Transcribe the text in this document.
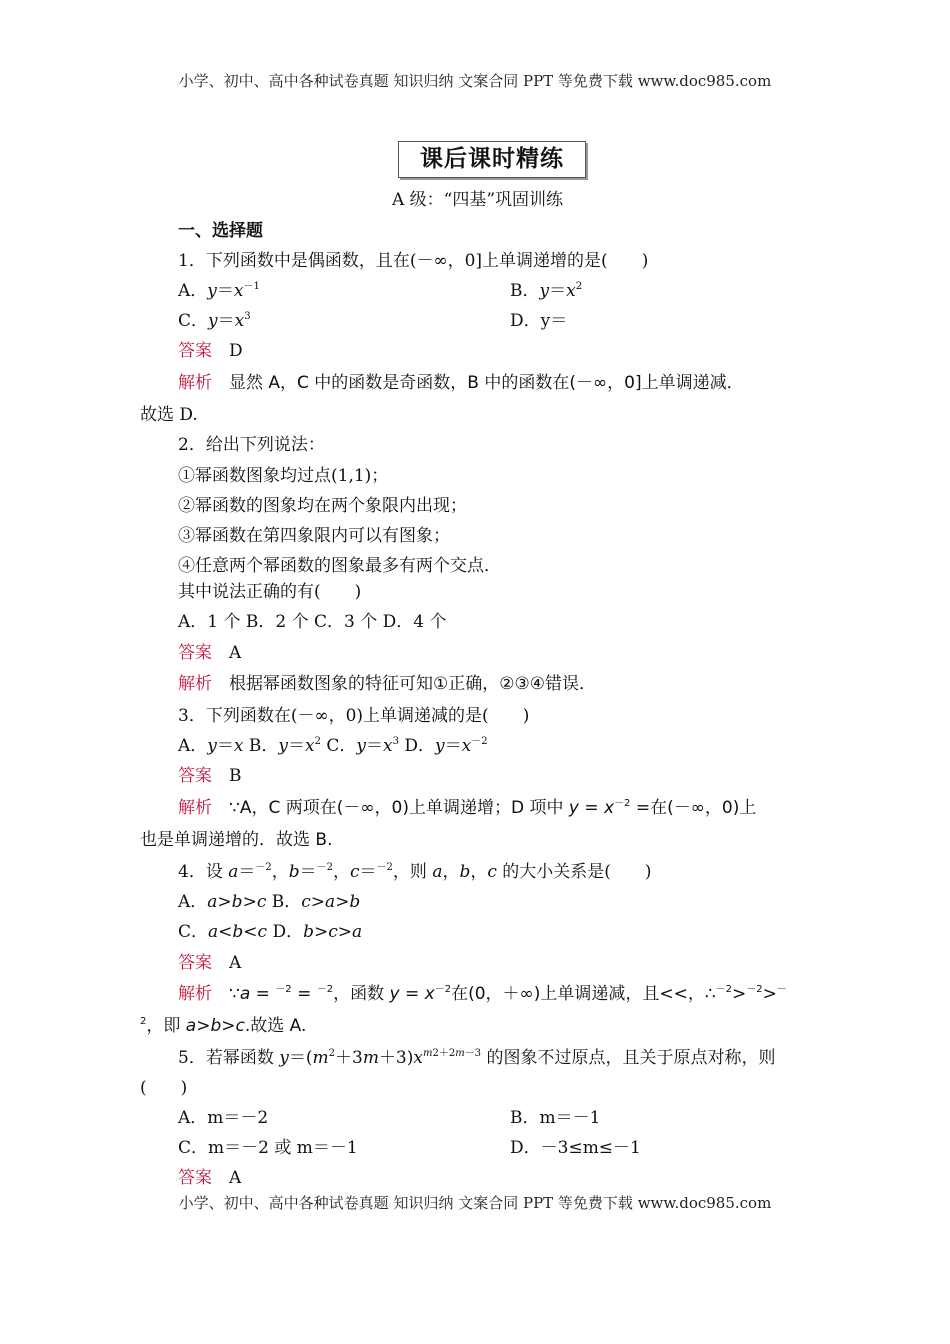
小学、初中、高中各种试卷真题 知识归纳 文案合同 PPT 等免费下载 www.doc985.com
课后课时精练
A 级：“四基”巩固训练
一、选择题
1．下列函数中是偶函数，且在(－∞，0]上单调递增的是(　　)
A．$y=x^{-1}$	B．$y=x^2$
C．$y=x^3$	D．y＝
答案　 D
解析　 显然 A，C 中的函数是奇函数，B 中的函数在(－∞，0]上单调递减．
故选 D.
2．给出下列说法：
①幂函数图象均过点(1,1)；
②幂函数的图象均在两个象限内出现；
③幂函数在第四象限内可以有图象；
④任意两个幂函数的图象最多有两个交点．
其中说法正确的有(　　)
A．1 个 B．2 个 C．3 个 D．4 个
答案　 A
解析　 根据幂函数图象的特征可知①正确，②③④错误．
3．下列函数在(－∞，0)上单调递减的是(　　)
A．y＝x B．$y=x^2$ C．$y=x^3$ D．$y=x^{-2}$
答案　 B
解析　 ∵A，C 两项在(－∞，0)上单调递增；D 项中 $y = x^{-2}$ =在(－∞，0)上
也是单调递增的．故选 B.
4．设 a＝$^{-2}$，b＝$^{-2}$，c＝$^{-2}$，则 a，b，c 的大小关系是(　　)
A．a>b>c B．c>a>b
C．a<b<c D．b>c>a
答案　 A
解析　 ∵a = $^{-2}$ = $^{-2}$，函数 $y = x^{-2}$在(0，＋∞)上单调递减，且<<，∴$^{-2}$>$^{-2}$>－
$^2$，即 a>b>c.故选 A.
5．若幂函数 $y=(m^2+3m+3)x^{m2+2m-3}$ 的图象不过原点，且关于原点对称，则
(　　)
A．m＝－2	B．m＝－1
C．m＝－2 或 m＝－1	D．－3≤m≤－1
答案　 A
小学、初中、高中各种试卷真题 知识归纳 文案合同 PPT 等免费下载 www.doc985.com
